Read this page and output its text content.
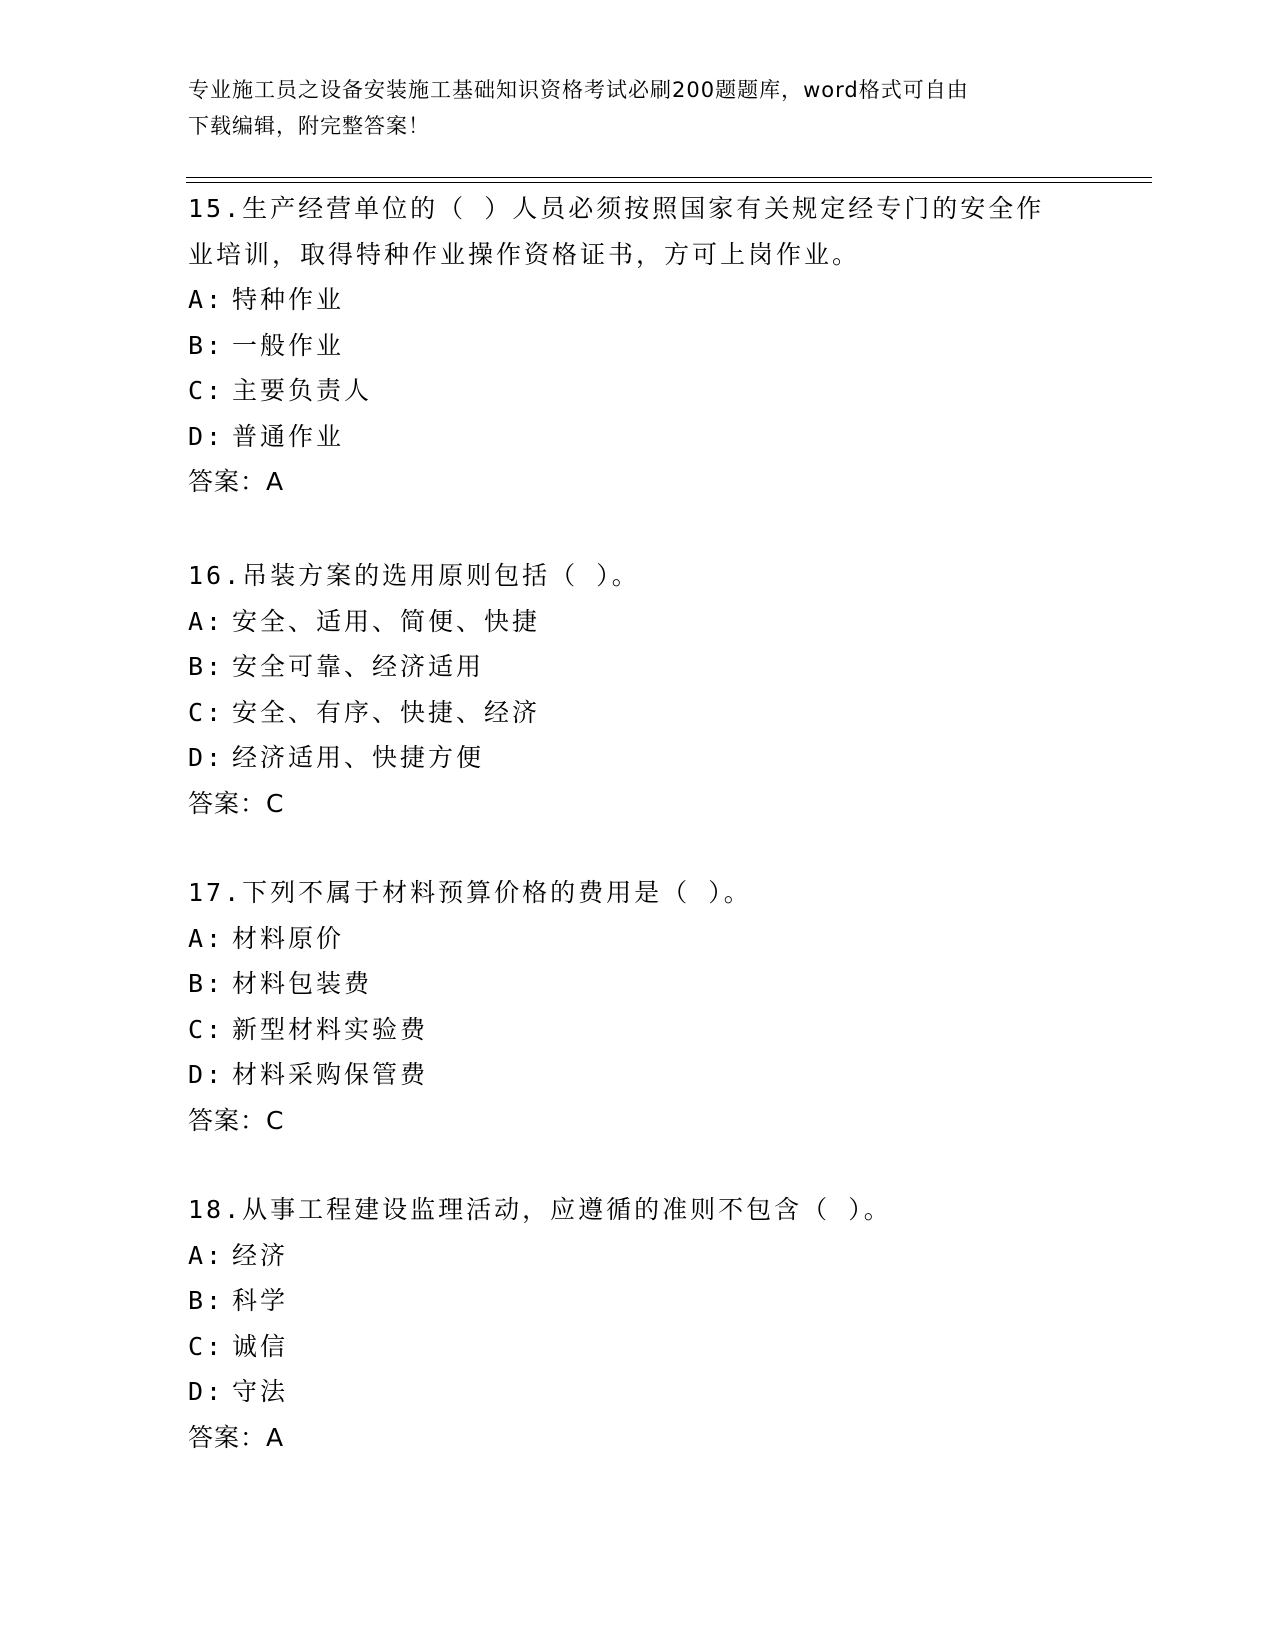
专业施工员之设备安装施工基础知识资格考试必刷200题题库，word格式可自由
下载编辑，附完整答案！

15.生产经营单位的（ ）人员必须按照国家有关规定经专门的安全作

业培训，取得特种作业操作资格证书，方可上岗作业。

A: 特种作业

B: 一般作业

C: 主要负责人

D: 普通作业

答案：A

16.吊装方案的选用原则包括（ ）。

A: 安全、适用、简便、快捷

B: 安全可靠、经济适用

C: 安全、有序、快捷、经济

D: 经济适用、快捷方便

答案：C

17.下列不属于材料预算价格的费用是（ ）。

A: 材料原价

B: 材料包装费

C: 新型材料实验费

D: 材料采购保管费

答案：C

18.从事工程建设监理活动，应遵循的准则不包含（ ）。

A: 经济

B: 科学

C: 诚信

D: 守法

答案：A
